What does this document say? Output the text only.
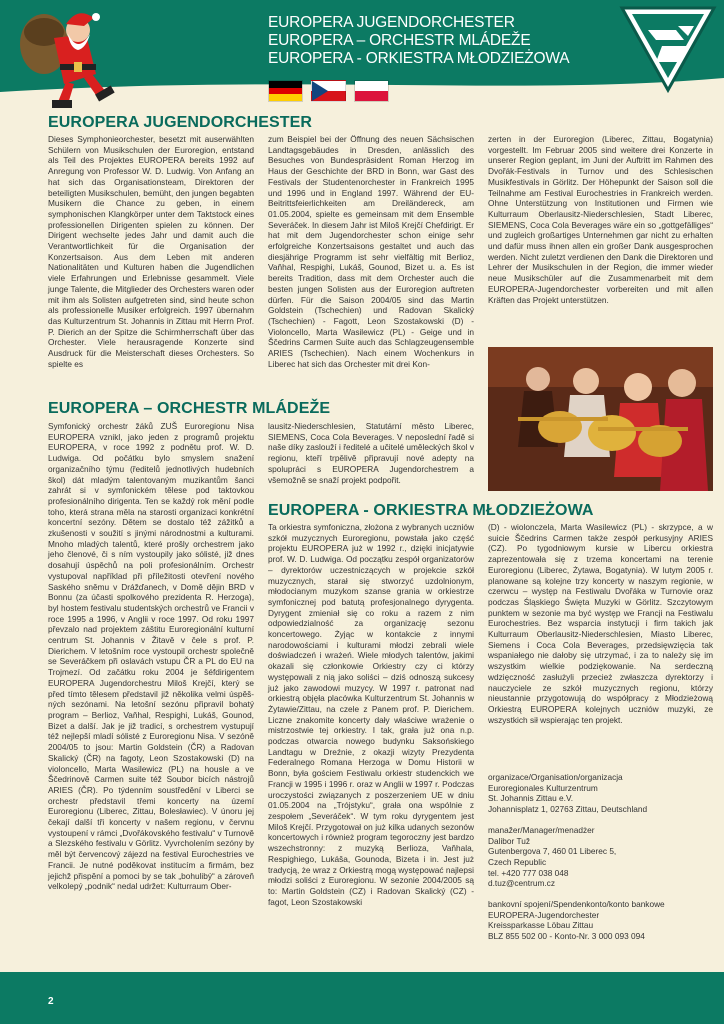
EUROPERA JUGENDORCHESTER
EUROPERA – ORCHESTR MLÁDEŽE
EUROPERA - ORKIESTRA MŁODZIEŻOWA
EUROPERA JUGENDORCHESTER

Dieses Symphonieorchester, besetzt mit auserwählten Schülern von Musikschulen der Euroregion, entstand als Teil des Projektes EUROPERA bereits 1992 auf Anregung von Professor W. D. Ludwig. Von Anfang an hat sich das Organisationsteam, Direktoren der beteiligten Musikschulen, bemüht, den jungen begabten Musikern die Chance zu geben, in einem symphonischen Klangkörper unter dem Taktstock eines professionellen Dirigenten spielen zu können. Der Dirigent wechselte jedes Jahr und damit auch die Verantwortlichkeit für die Organisation der Konzertsaison. Aus dem Leben mit anderen Nationalitäten und Kulturen haben die Jugendlichen viele Erfahrungen und Erlebnisse gesammelt. Viele junge Talente, die Mitglieder des Orchesters waren oder mit ihm als Solisten aufgetreten sind, sind heute schon als professionelle Musiker erfolgreich. 1997 übernahm das Kulturzentrum St. Johannis in Zittau mit Herrn Prof. P. Dierich an der Spitze die Schirmherrschaft über das Orchester. Viele herausragende Konzerte sind Ausdruck für die Meisterschaft dieses Orchesters. So spielte es

zum Beispiel bei der Öffnung des neuen Sächsischen Landtagsgebäudes in Dresden, anlässlich des Besuches von Bundespräsident Roman Herzog im Haus der Geschichte der BRD in Bonn, war Gast des Festivals der Studentenorchester in Frankreich 1995 und 1996 und in England 1997. Während der EU-Beitrittsfeierlichkeiten am Dreiländereck, am 01.05.2004, spielte es gemeinsam mit dem Ensemble Severáček. In diesem Jahr ist Miloš Krejčí Chefdirigt. Er hat mit dem Jugendorchester schon einige sehr erfolgreiche Konzertsaisons gestaltet und auch das diesjährige Programm ist sehr vielfältig mit Berlioz, Vaňhal, Respighi, Lukáš, Gounod, Bizet u. a. Es ist bereits Tradition, dass mit dem Orchester auch die besten jungen Solisten aus der Euroregion auftreten dürfen. Für die Saison 2004/05 sind das Martin Goldstein (Tschechien) und Radovan Skalický (Tschechien) - Fagott, Leon Szostakowski (D) - Violoncello, Marta Wasilewicz (PL) - Geige und in Ščedrins Carmen Suite auch das Schlagzeugensemble ARIES (Tschechien). Nach einem Wochenkurs in Liberec hat sich das Orchester mit drei Kon-

zerten in der Euroregion (Liberec, Zittau, Bogatynia) vorgestellt. Im Februar 2005 sind weitere drei Konzerte in unserer Region geplant, im Juni der Auftritt im Rahmen des Dvořák-Festivals in Turnov und des Schlesischen Musikfestivals in Görlitz. Der Höhepunkt der Saison soll die Teilnahme am Festival Eurochestries in Frankreich werden. Ohne Unterstützung von Institutionen und Firmen wie Kulturraum Oberlausitz-Niederschlesien, Stadt Liberec, SIEMENS, Coca Cola Beverages wäre ein so „gottgefälliges“ und zugleich großartiges Unternehmen gar nicht zu erhalten und dafür muss ihnen allen ein großer Dank ausgesprochen werden. Nicht zuletzt verdienen den Dank die Direktoren und Lehrer der Musikschulen in der Region, die immer wieder neue Musikschüler auf die Zusammenarbeit mit dem EUROPERA-Jugendorchester vorbereiten und mit allen Kräften das Projekt unterstützen.

EUROPERA – ORCHESTR MLÁDEŽE

Symfonický orchestr žáků ZUŠ Euroregionu Nisa EUROPERA vznikl, jako jeden z programů projektu EUROPERA, v roce 1992 z podnětu prof. W. D. Ludwiga. Od počátku bylo smyslem snažení organizačního týmu (ředitelů jednotlivých hudebních škol) dát mladým talentovaným muzikantům šanci zahrát si v symfonickém tělese pod taktovkou profesionálního dirigenta. Ten se každý rok mění podle toho, která strana měla na starosti organizaci konkrétní koncertní sezóny. Dětem se dostalo též zážitků a zkušenosti v soužití s jinými národnostmi a kulturami. Mnoho mladých talentů, které prošly orchestrem jako jeho členové, či s ním vystoupily jako sólisté, již dnes dosahují úspěchů na poli profesionálním. Orchestr vystupoval například při příležitosti otevření nového Saského sněmu v Drážďanech, v Domě dějin BRD v Bonnu (za účasti spolkového prezidenta R. Herzoga), byl hostem festivalu studentských orchestrů ve Francii v roce 1995 a 1996, v Anglii v roce 1997. Od roku 1997 převzalo nad projektem záštitu Euroregionální kulturní centrum St. Johannis v Žitavě v čele s prof. P. Dierichem. V letošním roce vystoupil orchestr společně se Severáčkem při oslavách vstupu ČR a PL do EU na Trojmezí. Od začátku roku 2004 je šéfdirigentem EUROPERA Jugendorchestru Miloš Krejčí, který se před tímto tělesem představil již několika velmi úspěš-ných sezónami. Na letošní sezónu připravil bohatý program – Berlioz, Vaňhal, Respighi, Lukáš, Gounod, Bizet a další. Jak je již tradicí, s orchestrem vystupují též nejlepší mladí sólisté z Euroregionu Nisa. V sezóně 2004/05 to jsou: Martin Goldstein (ČR) a Radovan Skalický (ČR) na fagoty, Leon Szostakowski (D) na violoncello, Marta Wasilewicz (PL) na housle a ve Ščedrinově Carmen suite též Soubor bicích nástrojů ARIES (ČR). Po týdenním soustředění v Liberci se orchestr představil třemi koncerty na území Euroregionu (Liberec, Zittau, Bolesławiec). V únoru jej čekají další tři koncerty v našem regionu, v červnu vystoupení v rámci „Dvořákovského festivalu“ v Turnově a Slezského festivalu v Görlitz. Vyvrcholením sezóny by měl být červencový zájezd na festival Eurochestries ve Francii. Je nutné poděkovat institucím a firmám, bez jejichž přispění a pomoci by se tak „bohulibý“ a zároveň velkolepý „podnik“ nedal udržet: Kulturraum Ober-

lausitz-Niederschlesien, Statutární město Liberec, SIEMENS, Coca Cola Beverages. V neposlední řadě si naše díky zaslouží i ředitelé a učitelé uměleckých škol v regionu, kteří trpělivě připravují nové adepty na spolupráci s EUROPERA Jugendorchestrem a všemožně se snaží projekt podpořit.

EUROPERA - ORKIESTRA MŁODZIEŻOWA

Ta orkiestra symfoniczna, złożona z wybranych uczniów szkół muzycznych Euroregionu, powstała jako część projektu EUROPERA już w 1992 r., dzięki inicjatywie prof. W. D. Ludwiga. Od początku zespół organizatorów – dyrektorów uczestniczących w projekcie szkół muzycznych, starał się stworzyć uzdolnionym, młodocianym muzykom szanse grania w orkiestrze symfonicznej pod batutą profesjonalnego dyrygenta. Dyrygent zmieniał się co roku a razem z nim odpowiedzialność za organizację sezonu koncertowego. Żyjąc w kontakcie z innymi narodowościami i kulturami młodzi zebrali wiele doświadczeń i wrażeń. Wiele młodych talentów, jakimi okazali się członkowie Orkiestry czy ci którzy występowali z nią jako soliści – dziś odnoszą sukcesy już jako zawodowi muzycy. W 1997 r. patronat nad orkiestrą objęła placówka Kulturzentrum St. Johannis w Żytawie/Zittau, na czele z Panem prof. P. Dierichem. Liczne znakomite koncerty dały właściwe wrażenie o mistrzostwie tej orkiestry. I tak, grała już ona n.p. podczas otwarcia nowego budynku Saksońskiego Landtagu w Dreźnie, z okazji wizyty Prezydenta Federalnego Romana Herzoga w Domu Historii w Bonn, była gościem Festiwalu orkiestr studenckich we Francji w 1995 i 1996 r. oraz w Anglii w 1997 r. Podczas uroczystości związanych z poszerzeniem UE w dniu 01.05.2004 na „Trójstyku“, grała ona wspólnie z zespołem „Severáček“. W tym roku dyrygentem jest Miloš Krejčí. Przygotował on już kilka udanych sezonów koncertowych i również program tegoroczny jest bardzo wszechstronny: z muzyką Berlioza, Vaňhala, Respighiego, Lukáša, Gounoda, Bizeta i in. Jest już tradycją, że wraz z Orkiestrą mogą występować najlepsi młodzi soliści z Euroregionu. W sezonie 2004/2005 są to: Martin Goldstein (CZ) i Radovan Skalický (CZ) - fagot, Leon Szostakowski

(D) - wiolonczela, Marta Wasilewicz (PL) - skrzypce, a w suicie Ščedrins Carmen także zespół perkusyjny ARIES (CZ). Po tygodniowym kursie w Libercu orkiestra zaprezentowała się z trzema koncertami na terenie Euroregionu (Liberec, Żytawa, Bogatynia). W lutym 2005 r. planowane są kolejne trzy koncerty w naszym regionie, w czerwcu – występ na Festiwalu Dvořáka w Turnovie oraz podczas Śląskiego Święta Muzyki w Görlitz. Szczytowym punktem w sezonie ma być występ we Francji na Festiwalu Eurochestries. Bez wsparcia instytucji i firm takich jak Kulturraum Oberlausitz-Niederschlesien, Miasto Liberec, Siemens i Coca Cola Beverages, przedsięwzięcia tak wspaniałego nie dałoby się utrzymać, i za to należy się im wszystkim wielkie podziękowanie. Na serdeczną wdzięczność zasłużyli przecież zwłaszcza dyrektorzy i nauczyciele ze szkół muzycznych regionu, którzy nieustannie przygotowują do współpracy z Młodzieżową Orkiestrą EUROPERA kolejnych uczniów muzyki, ze wszystkich sił wspierając ten projekt.

organizace/Organisation/organizacja

Euroregionales Kulturzentrum

St. Johannis Zittau e.V.

Johannisplatz 1, 02763 Zittau, Deutschland

manažer/Manager/menadżer

Dalibor Tuž

Gutenbergova 7, 460 01 Liberec 5,

Czech Republic

tel. +420 777 038 048

d.tuz@centrum.cz

bankovní spojení/Spendenkonto/konto bankowe

EUROPERA-Jugendorchester

Kreissparkasse Löbau Zittau

BLZ 855 502 00 - Konto-Nr. 3 000 093 094

2
